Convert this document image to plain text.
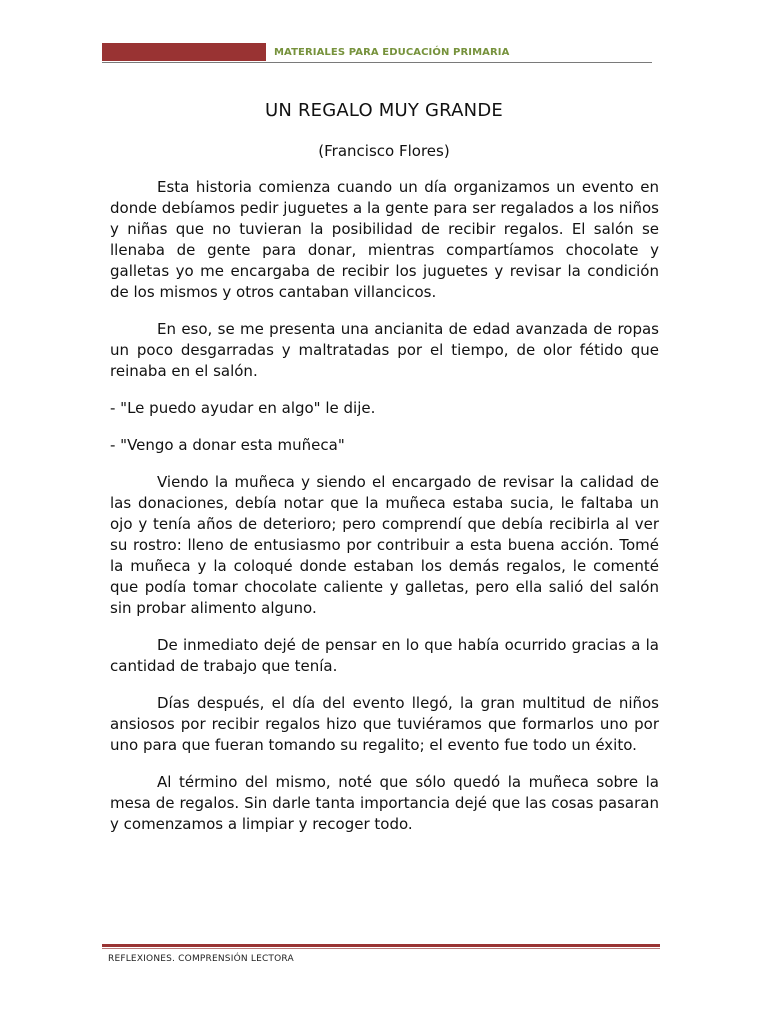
MATERIALES PARA EDUCACIÓN PRIMARIA
UN REGALO MUY GRANDE
(Francisco Flores)

Esta historia comienza cuando un día organizamos un evento en donde debíamos pedir juguetes a la gente para ser regalados a los niños y niñas que no tuvieran la posibilidad de recibir regalos. El salón se llenaba de gente para donar, mientras compartíamos chocolate y galletas yo me encargaba de recibir los juguetes y revisar la condición de los mismos y otros cantaban villancicos.

En eso, se me presenta una ancianita de edad avanzada de ropas un poco desgarradas y maltratadas por el tiempo, de olor fétido que reinaba en el salón.

- "Le puedo ayudar en algo" le dije.

- "Vengo a donar esta muñeca"

Viendo la muñeca y siendo el encargado de revisar la calidad de las donaciones, debía notar que la muñeca estaba sucia, le faltaba un ojo y tenía años de deterioro; pero comprendí que debía recibirla al ver su rostro: lleno de entusiasmo por contribuir a esta buena acción. Tomé la muñeca y la coloqué donde estaban los demás regalos, le comenté que podía tomar chocolate caliente y galletas, pero ella salió del salón sin probar alimento alguno.

De inmediato dejé de pensar en lo que había ocurrido gracias a la cantidad de trabajo que tenía.

Días después, el día del evento llegó, la gran multitud de niños ansiosos por recibir regalos hizo que tuviéramos que formarlos uno por uno para que fueran tomando su regalito; el evento fue todo un éxito.

Al término del mismo, noté que sólo quedó la muñeca sobre la mesa de regalos. Sin darle tanta importancia dejé que las cosas pasaran y comenzamos a limpiar y recoger todo.

REFLEXIONES. COMPRENSIÓN LECTORA
